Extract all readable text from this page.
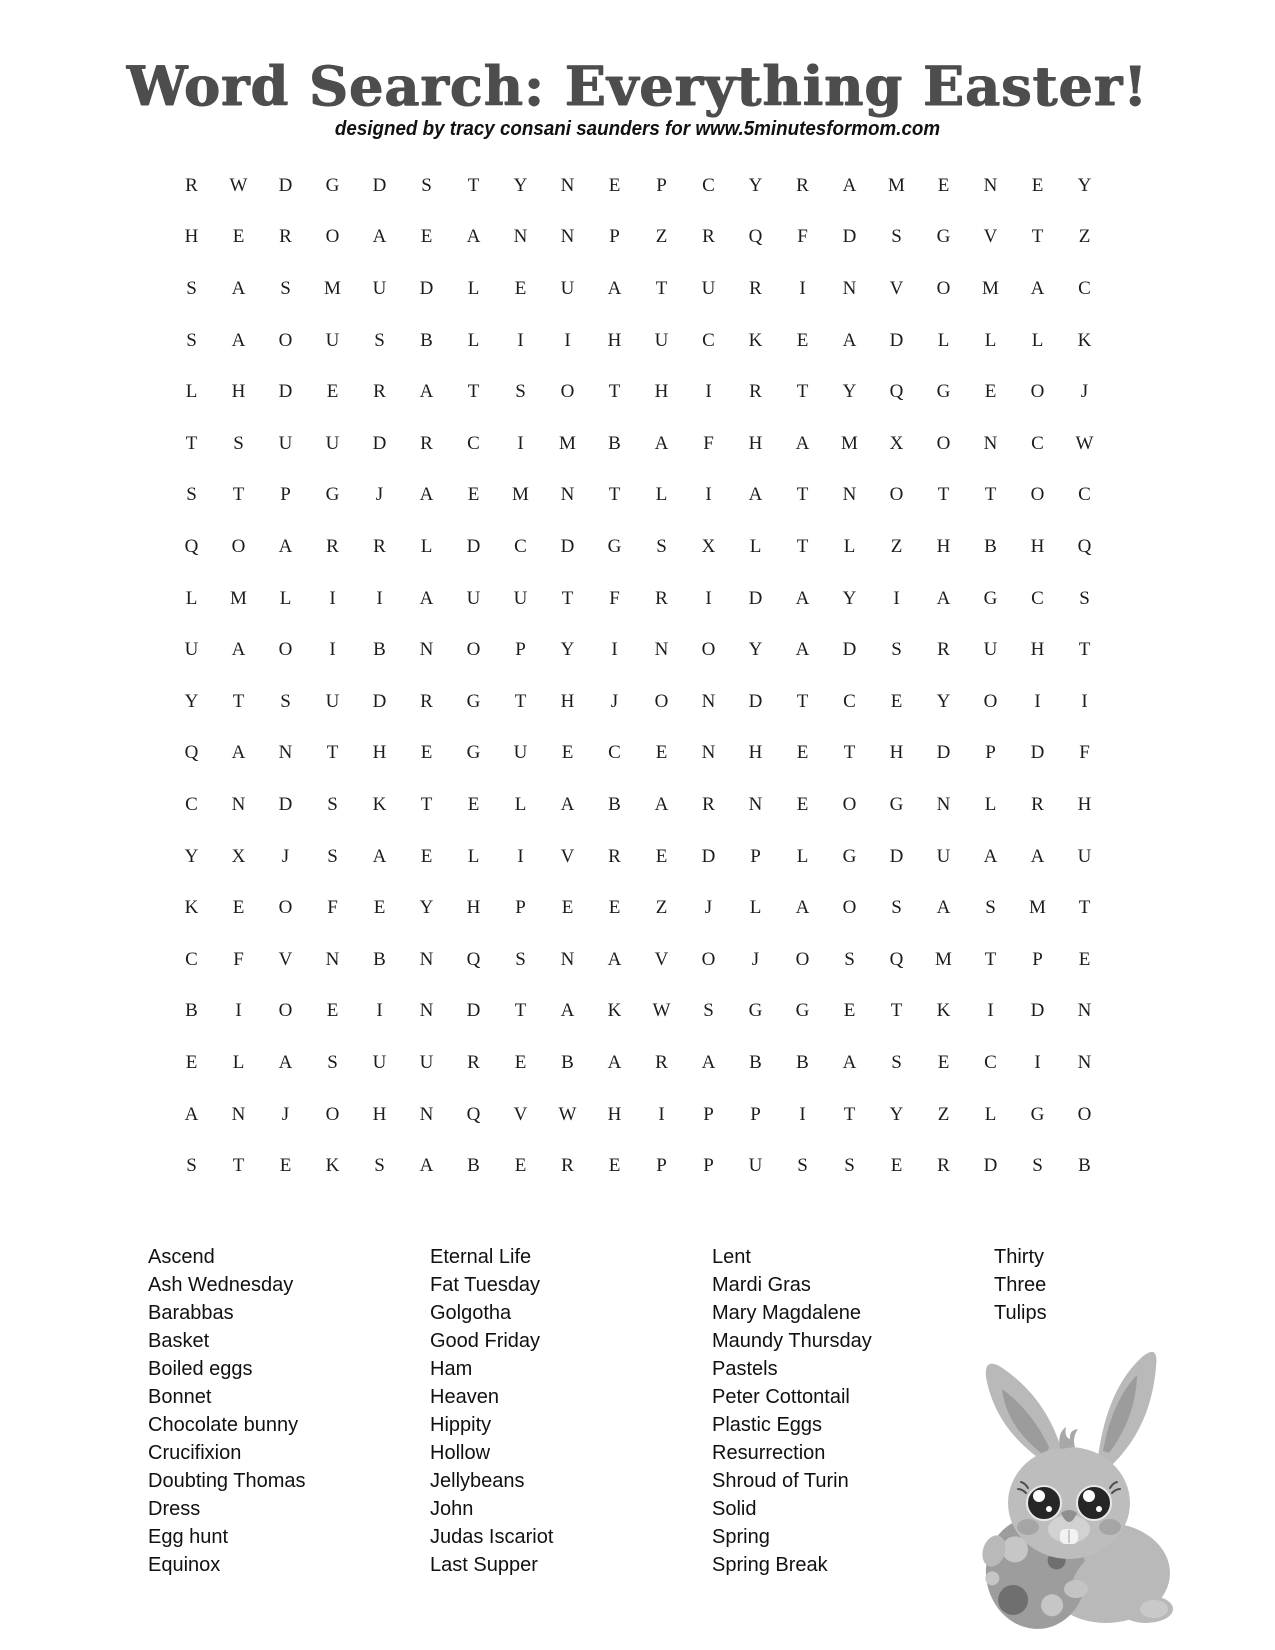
Word Search: Everything Easter!

designed by tracy consani saunders for www.5minutesformom.com

R	W	D	G	D	S	T	Y	N	E	P	C	Y	R	A	M	E	N	E	Y
H	E	R	O	A	E	A	N	N	P	Z	R	Q	F	D	S	G	V	T	Z
S	A	S	M	U	D	L	E	U	A	T	U	R	I	N	V	O	M	A	C
S	A	O	U	S	B	L	I	I	H	U	C	K	E	A	D	L	L	L	K
L	H	D	E	R	A	T	S	O	T	H	I	R	T	Y	Q	G	E	O	J
T	S	U	U	D	R	C	I	M	B	A	F	H	A	M	X	O	N	C	W
S	T	P	G	J	A	E	M	N	T	L	I	A	T	N	O	T	T	O	C
Q	O	A	R	R	L	D	C	D	G	S	X	L	T	L	Z	H	B	H	Q
L	M	L	I	I	A	U	U	T	F	R	I	D	A	Y	I	A	G	C	S
U	A	O	I	B	N	O	P	Y	I	N	O	Y	A	D	S	R	U	H	T
Y	T	S	U	D	R	G	T	H	J	O	N	D	T	C	E	Y	O	I	I
Q	A	N	T	H	E	G	U	E	C	E	N	H	E	T	H	D	P	D	F
C	N	D	S	K	T	E	L	A	B	A	R	N	E	O	G	N	L	R	H
Y	X	J	S	A	E	L	I	V	R	E	D	P	L	G	D	U	A	A	U
K	E	O	F	E	Y	H	P	E	E	Z	J	L	A	O	S	A	S	M	T
C	F	V	N	B	N	Q	S	N	A	V	O	J	O	S	Q	M	T	P	E
B	I	O	E	I	N	D	T	A	K	W	S	G	G	E	T	K	I	D	N
E	L	A	S	U	U	R	E	B	A	R	A	B	B	A	S	E	C	I	N
A	N	J	O	H	N	Q	V	W	H	I	P	P	I	T	Y	Z	L	G	O
S	T	E	K	S	A	B	E	R	E	P	P	U	S	S	E	R	D	S	B
Ascend
Ash Wednesday
Barabbas
Basket
Boiled eggs
Bonnet
Chocolate bunny
Crucifixion
Doubting Thomas
Dress
Egg hunt
Equinox
Eternal Life
Fat Tuesday
Golgotha
Good Friday
Ham
Heaven
Hippity
Hollow
Jellybeans
John
Judas Iscariot
Last Supper
Lent
Mardi Gras
Mary Magdalene
Maundy Thursday
Pastels
Peter Cottontail
Plastic Eggs
Resurrection
Shroud of Turin
Solid
Spring
Spring Break
Thirty
Three
Tulips
